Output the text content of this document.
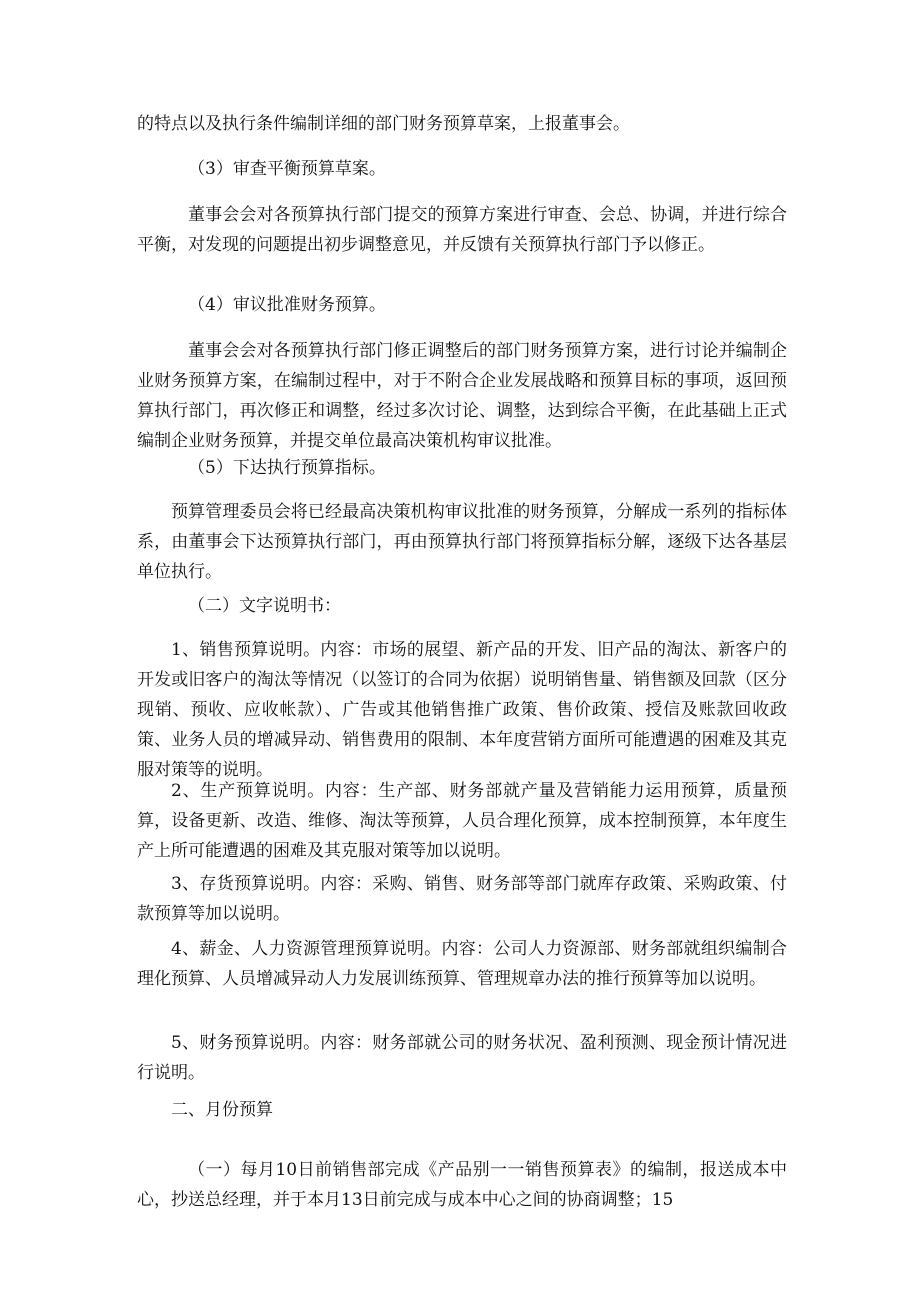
的特点以及执行条件编制详细的部门财务预算草案，上报董事会。

（3）审查平衡预算草案。

董事会会对各预算执行部门提交的预算方案进行审查、会总、协调，并进行综合平衡，对发现的问题提出初步调整意见，并反馈有关预算执行部门予以修正。

（4）审议批准财务预算。

董事会会对各预算执行部门修正调整后的部门财务预算方案，进行讨论并编制企业财务预算方案，在编制过程中，对于不附合企业发展战略和预算目标的事项，返回预算执行部门，再次修正和调整，经过多次讨论、调整，达到综合平衡，在此基础上正式编制企业财务预算，并提交单位最高决策机构审议批准。

（5）下达执行预算指标。

预算管理委员会将已经最高决策机构审议批准的财务预算，分解成一系列的指标体系，由董事会下达预算执行部门，再由预算执行部门将预算指标分解，逐级下达各基层单位执行。

（二）文字说明书：

1、销售预算说明。内容：市场的展望、新产品的开发、旧产品的淘汰、新客户的开发或旧客户的淘汰等情况（以签订的合同为依据）说明销售量、销售额及回款（区分现销、预收、应收帐款）、广告或其他销售推广政策、售价政策、授信及账款回收政策、业务人员的增减异动、销售费用的限制、本年度营销方面所可能遭遇的困难及其克服对策等的说明。

2、生产预算说明。内容：生产部、财务部就产量及营销能力运用预算，质量预算，设备更新、改造、维修、淘汰等预算，人员合理化预算，成本控制预算，本年度生产上所可能遭遇的困难及其克服对策等加以说明。

3、存货预算说明。内容：采购、销售、财务部等部门就库存政策、采购政策、付款预算等加以说明。

4、薪金、人力资源管理预算说明。内容：公司人力资源部、财务部就组织编制合理化预算、人员增减异动人力发展训练预算、管理规章办法的推行预算等加以说明。

5、财务预算说明。内容：财务部就公司的财务状况、盈利预测、现金预计情况进行说明。

二、月份预算

（一）每月10日前销售部完成《产品别一一销售预算表》的编制，报送成本中心，抄送总经理，并于本月13日前完成与成本中心之间的协商调整；15
